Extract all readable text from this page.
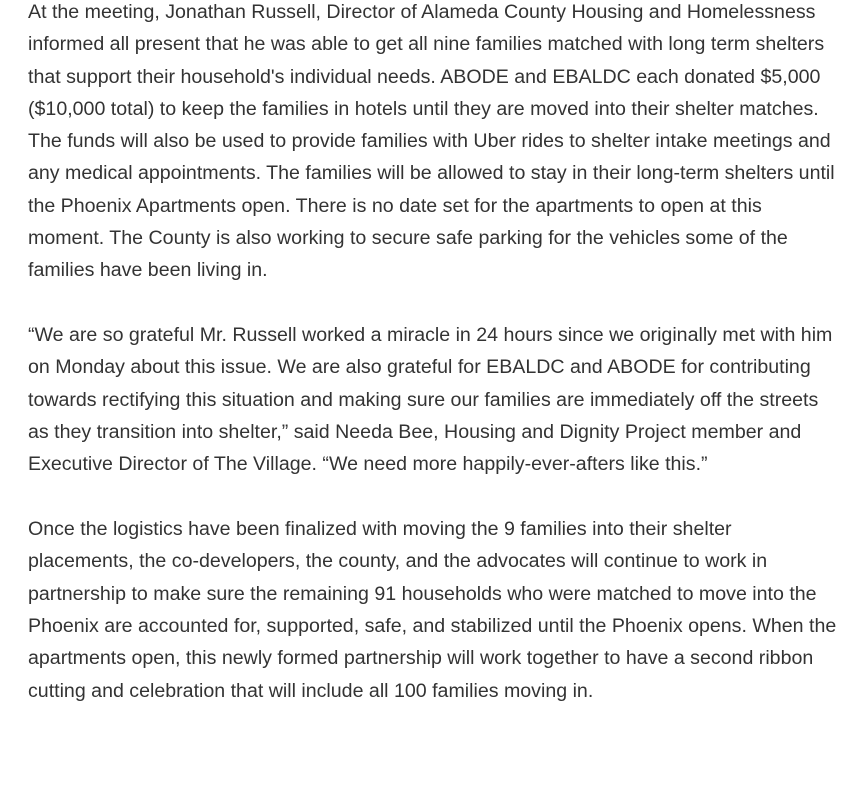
At the meeting, Jonathan Russell, Director of Alameda County Housing and Homelessness informed all present that he was able to get all nine families matched with long term shelters that support their household's individual needs. ABODE and EBALDC each donated $5,000 ($10,000 total) to keep the families in hotels until they are moved into their shelter matches. The funds will also be used to provide families with Uber rides to shelter intake meetings and any medical appointments. The families will be allowed to stay in their long-term shelters until the Phoenix Apartments open. There is no date set for the apartments to open at this moment. The County is also working to secure safe parking for the vehicles some of the families have been living in.

“We are so grateful Mr. Russell worked a miracle in 24 hours since we originally met with him on Monday about this issue. We are also grateful for EBALDC and ABODE for contributing towards rectifying this situation and making sure our families are immediately off the streets as they transition into shelter,” said Needa Bee, Housing and Dignity Project member and Executive Director of The Village. “We need more happily-ever-afters like this.”

Once the logistics have been finalized with moving the 9 families into their shelter placements, the co-developers, the county, and the advocates will continue to work in partnership to make sure the remaining 91 households who were matched to move into the Phoenix are accounted for, supported, safe, and stabilized until the Phoenix opens. When the apartments open, this newly formed partnership will work together to have a second ribbon cutting and celebration that will include all 100 families moving in.
